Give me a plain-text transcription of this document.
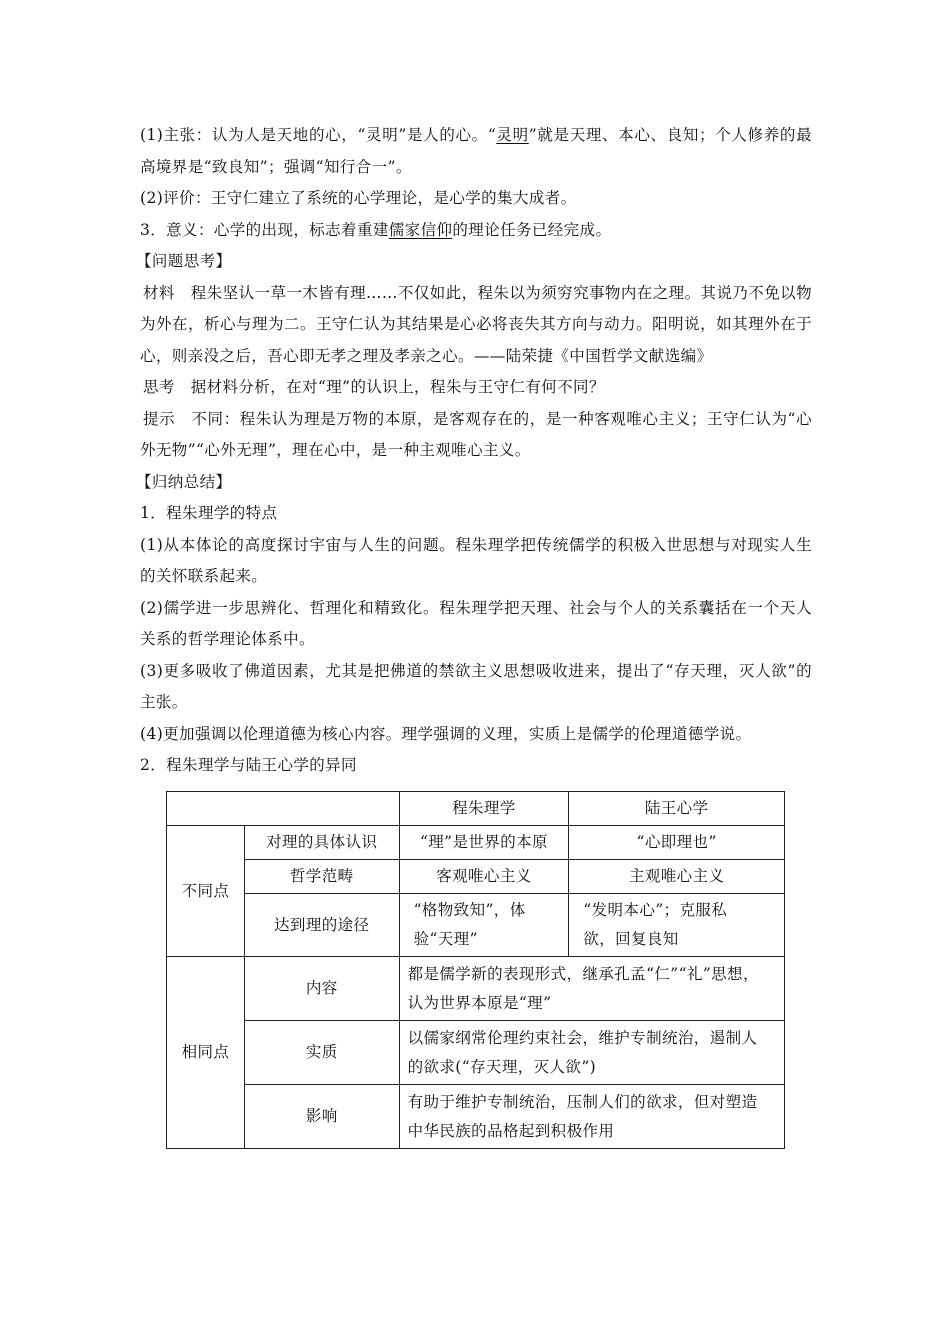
(1)主张：认为人是天地的心，“灵明”是人的心。“灵明”就是天理、本心、良知；个人修养的最高境界是“致良知”；强调“知行合一”。

(2)评价：王守仁建立了系统的心学理论，是心学的集大成者。

3．意义：心学的出现，标志着重建儒家信仰的理论任务已经完成。

【问题思考】

材料　程朱坚认一草一木皆有理……不仅如此，程朱以为须穷究事物内在之理。其说乃不免以物为外在，析心与理为二。王守仁认为其结果是心必将丧失其方向与动力。阳明说，如其理外在于心，则亲没之后，吾心即无孝之理及孝亲之心。——陆荣捷《中国哲学文献选编》

思考　据材料分析，在对“理”的认识上，程朱与王守仁有何不同？

提示　不同：程朱认为理是万物的本原，是客观存在的，是一种客观唯心主义；王守仁认为“心外无物”“心外无理”，理在心中，是一种主观唯心主义。

【归纳总结】

1．程朱理学的特点

(1)从本体论的高度探讨宇宙与人生的问题。程朱理学把传统儒学的积极入世思想与对现实人生的关怀联系起来。

(2)儒学进一步思辨化、哲理化和精致化。程朱理学把天理、社会与个人的关系囊括在一个天人关系的哲学理论体系中。

(3)更多吸收了佛道因素，尤其是把佛道的禁欲主义思想吸收进来，提出了“存天理，灭人欲”的主张。

(4)更加强调以伦理道德为核心内容。理学强调的义理，实质上是儒学的伦理道德学说。

2．程朱理学与陆王心学的异同

		程朱理学	陆王心学
不同点	对理的具体认识	“理”是世界的本原	“心即理也”
	哲学范畴	客观唯心主义	主观唯心主义
	达到理的途径	“格物致知”，体验“天理”	“发明本心”；克服私欲，回复良知
相同点	内容	都是儒学新的表现形式，继承孔孟“仁”“礼”思想，认为世界本原是“理”	
	实质	以儒家纲常伦理约束社会，维护专制统治，遏制人的欲求(“存天理，灭人欲”)	
	影响	有助于维护专制统治，压制人们的欲求，但对塑造中华民族的品格起到积极作用	
